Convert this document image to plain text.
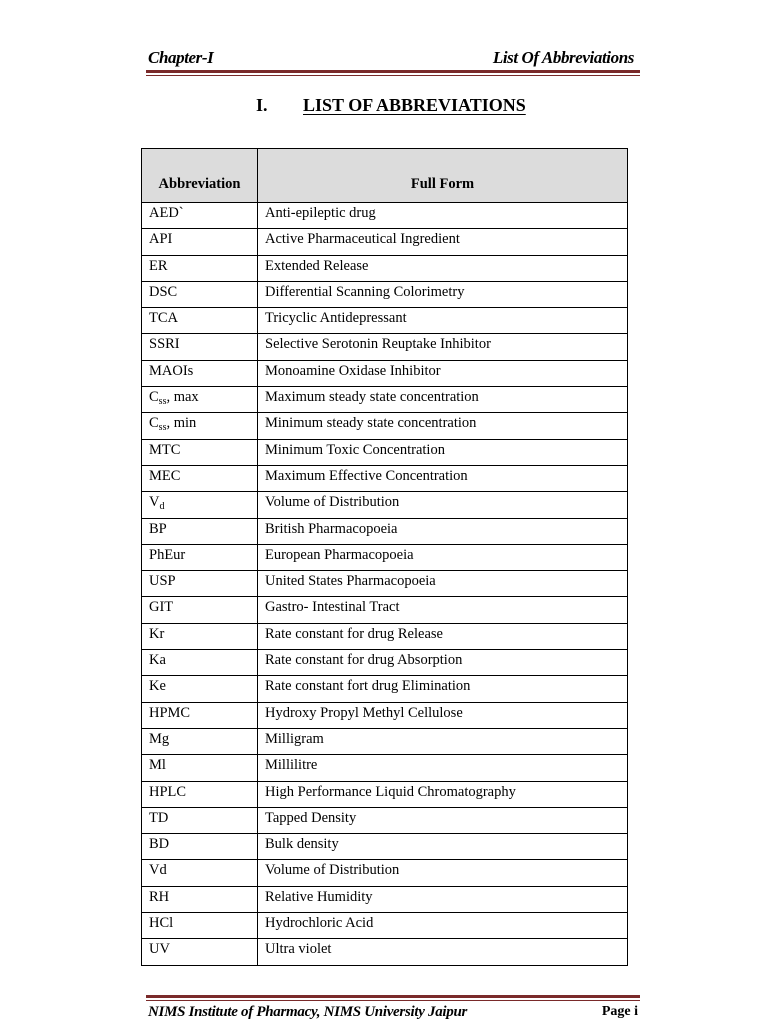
Chapter-I	List Of Abbreviations
I. LIST OF ABBREVIATIONS
Abbreviation	Full Form
AED`	Anti-epileptic drug
API	Active Pharmaceutical Ingredient
ER	Extended Release
DSC	Differential Scanning Colorimetry
TCA	Tricyclic Antidepressant
SSRI	Selective Serotonin Reuptake Inhibitor
MAOIs	Monoamine Oxidase Inhibitor
$C_{ss}$, max	Maximum steady state concentration
$C_{ss}$, min	Minimum steady state concentration
MTC	Minimum Toxic Concentration
MEC	Maximum Effective Concentration
$V_d$	Volume of Distribution
BP	British Pharmacopoeia
PhEur	European Pharmacopoeia
USP	United States Pharmacopoeia
GIT	Gastro- Intestinal Tract
Kr	Rate constant for drug Release
Ka	Rate constant for drug Absorption
Ke	Rate constant fort drug Elimination
HPMC	Hydroxy Propyl Methyl Cellulose
Mg	Milligram
Ml	Millilitre
HPLC	High Performance Liquid Chromatography
TD	Tapped Density
BD	Bulk density
Vd	Volume of Distribution
RH	Relative Humidity
HCl	Hydrochloric Acid
UV	Ultra violet
NIMS Institute of Pharmacy, NIMS University Jaipur	Page i
